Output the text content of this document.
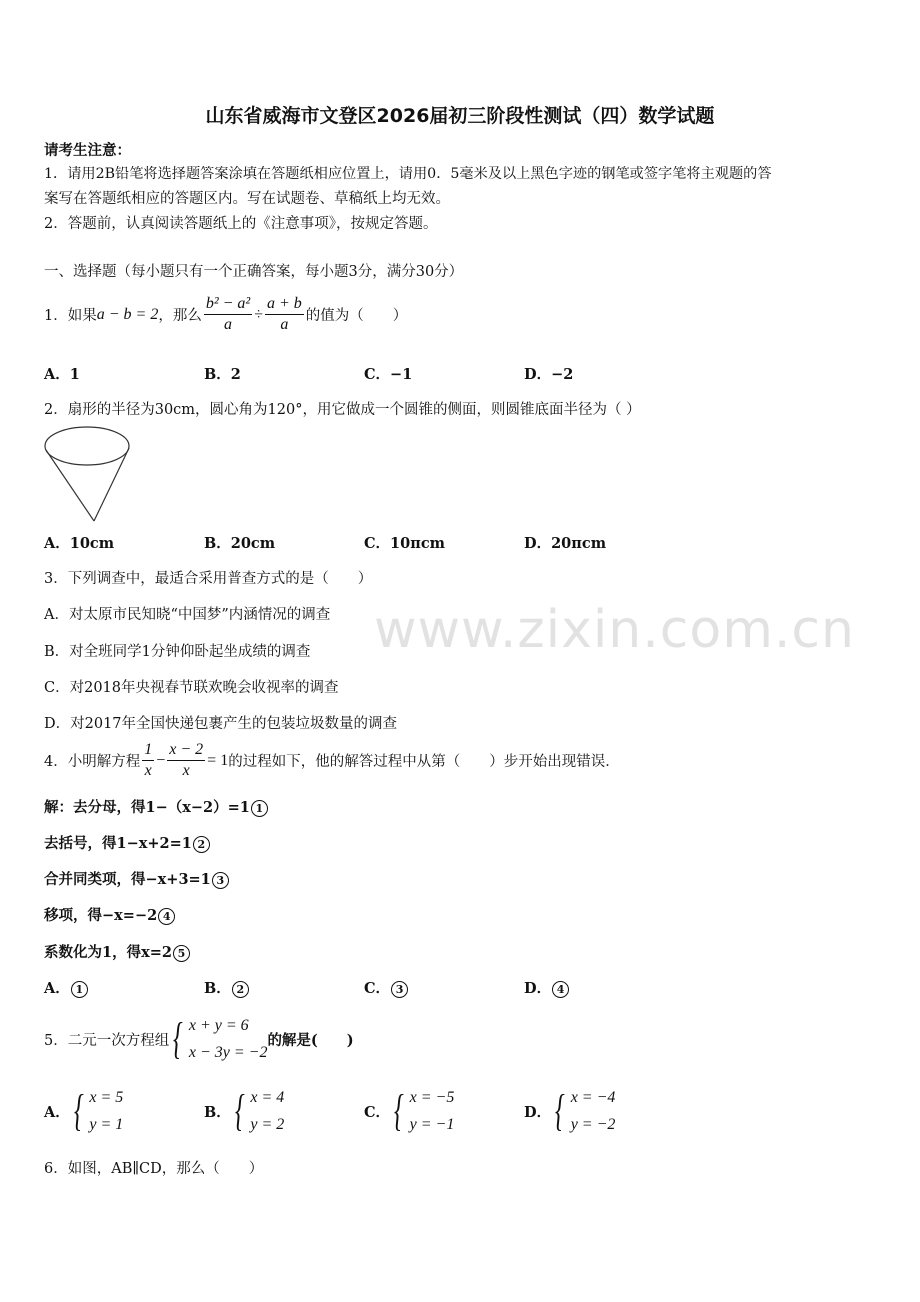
山东省威海市文登区2026届初三阶段性测试（四）数学试题
请考生注意：
1．请用2B铅笔将选择题答案涂填在答题纸相应位置上，请用0．5毫米及以上黑色字迹的钢笔或签字笔将主观题的答
案写在答题纸相应的答题区内。写在试题卷、草稿纸上均无效。
2．答题前，认真阅读答题纸上的《注意事项》，按规定答题。
一、选择题（每小题只有一个正确答案，每小题3分，满分30分）
1．如果 a − b = 2 ，那么 $\frac{\text{b² − a²}}{a} \div \frac{a + b}{a}$ 的值为（　　）
A．1	B．2	C．−1	D．−2
2．扇形的半径为30cm，圆心角为120°，用它做成一个圆锥的侧面，则圆锥底面半径为（ ）
A．10cm	B．20cm	C．10πcm	D．20πcm
3．下列调查中，最适合采用普查方式的是（　　）
A．对太原市民知晓“中国梦”内涵情况的调查
B．对全班同学1分钟仰卧起坐成绩的调查
C．对2018年央视春节联欢晚会收视率的调查
D．对2017年全国快递包裹产生的包装垃圾数量的调查
www.zixin.com.cn
4．小明解方程 $\frac{1}{x} - \frac{x - 2}{x} = 1$ 的过程如下，他的解答过程中从第（　　）步开始出现错误．
解：去分母，得1−（x−2）=1 1
去括号，得1−x+2=1 2
合并同类项，得−x+3=1 3
移项，得−x=−2 4
系数化为1，得x=2 5
A． 1	B． 2	C． 3	D． 4
5．二元一次方程组 { x + y = 6
x − 3y = −2
的解是(　　)
A． { x = 5
y = 1
B． { x = 4
y = 2
C． { x = −5
y = −1
D． { x = −4
y = −2
6．如图，AB∥CD，那么（　　）
